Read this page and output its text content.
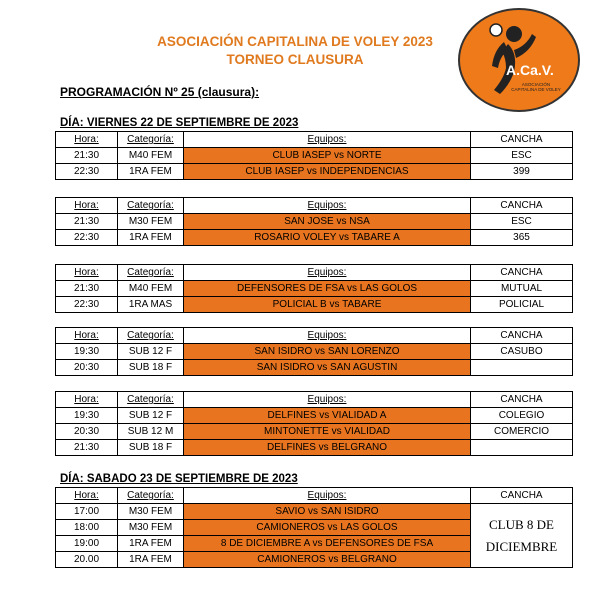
ASOCIACIÓN CAPITALINA DE VOLEY 2023
TORNEO CLAUSURA
PROGRAMACIÓN Nº 25 (clausura):
A.Ca.V.
ASOCIACIÓN CAPITALINA DE VOLEY
DÍA: VIERNES 22 DE SEPTIEMBRE DE 2023
Hora:	Categoría:	Equipos:	CANCHA
21:30	M40 FEM	CLUB IASEP vs NORTE	ESC
22:30	1RA FEM	CLUB IASEP vs INDEPENDENCIAS	399
Hora:	Categoría:	Equipos:	CANCHA
21:30	M30 FEM	SAN JOSE vs NSA	ESC
22:30	1RA FEM	ROSARIO VOLEY vs TABARE A	365
Hora:	Categoría:	Equipos:	CANCHA
21:30	M40 FEM	DEFENSORES DE FSA vs LAS GOLOS	MUTUAL
22:30	1RA MAS	POLICIAL B vs TABARE	POLICIAL
Hora:	Categoría:	Equipos:	CANCHA
19:30	SUB 12 F	SAN ISIDRO vs SAN LORENZO	CASUBO
20:30	SUB 18 F	SAN ISIDRO vs SAN AGUSTIN	
Hora:	Categoría:	Equipos:	CANCHA
19:30	SUB 12 F	DELFINES vs VIALIDAD A	COLEGIO
20:30	SUB 12 M	MINTONETTE vs VIALIDAD	COMERCIO
21:30	SUB 18 F	DELFINES vs BELGRANO	
DÍA: SABADO 23 DE SEPTIEMBRE DE 2023
Hora:	Categoría:	Equipos:	CANCHA
17:00	M30 FEM	SAVIO vs SAN ISIDRO	CLUB 8 DE DICIEMBRE
18:00	M30 FEM	CAMIONEROS vs LAS GOLOS	
19:00	1RA FEM	8 DE DICIEMBRE A vs DEFENSORES DE FSA	
20.00	1RA FEM	CAMIONEROS vs BELGRANO	
